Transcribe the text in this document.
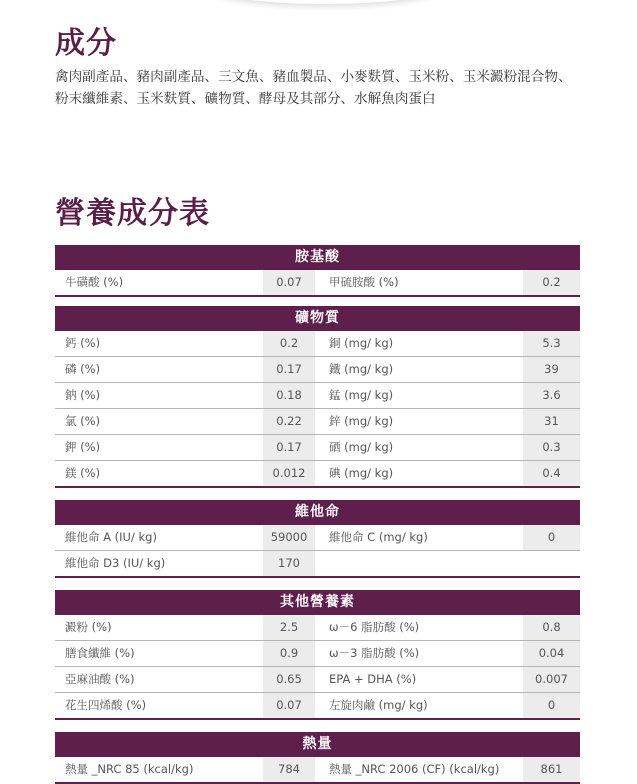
成分

禽肉副產品、豬肉副產品、三文魚、豬血製品、小麥麩質、玉米粉、玉米澱粉混合物、粉末纖維素、玉米麩質、礦物質、酵母及其部分、水解魚肉蛋白

營養成分表
胺基酸
牛磺酸 (%)	0.07	甲硫胺酸 (%)	0.2
礦物質
鈣 (%)	0.2	銅 (mg/ kg)	5.3
磷 (%)	0.17	鐵 (mg/ kg)	39
鈉 (%)	0.18	錳 (mg/ kg)	3.6
氯 (%)	0.22	鋅 (mg/ kg)	31
鉀 (%)	0.17	硒 (mg/ kg)	0.3
鎂 (%)	0.012	碘 (mg/ kg)	0.4
維他命
維他命 A (IU/ kg)	59000	維他命 C (mg/ kg)	0
維他命 D3 (IU/ kg)	170
其他營養素
澱粉 (%)	2.5	ω－6 脂肪酸 (%)	0.8
膳食纖維 (%)	0.9	ω－3 脂肪酸 (%)	0.04
亞麻油酸 (%)	0.65	EPA + DHA (%)	0.007
花生四烯酸 (%)	0.07	左旋肉鹼 (mg/ kg)	0
熱量
熱量 _NRC 85 (kcal/kg)	784	熱量 _NRC 2006 (CF) (kcal/kg)	861
